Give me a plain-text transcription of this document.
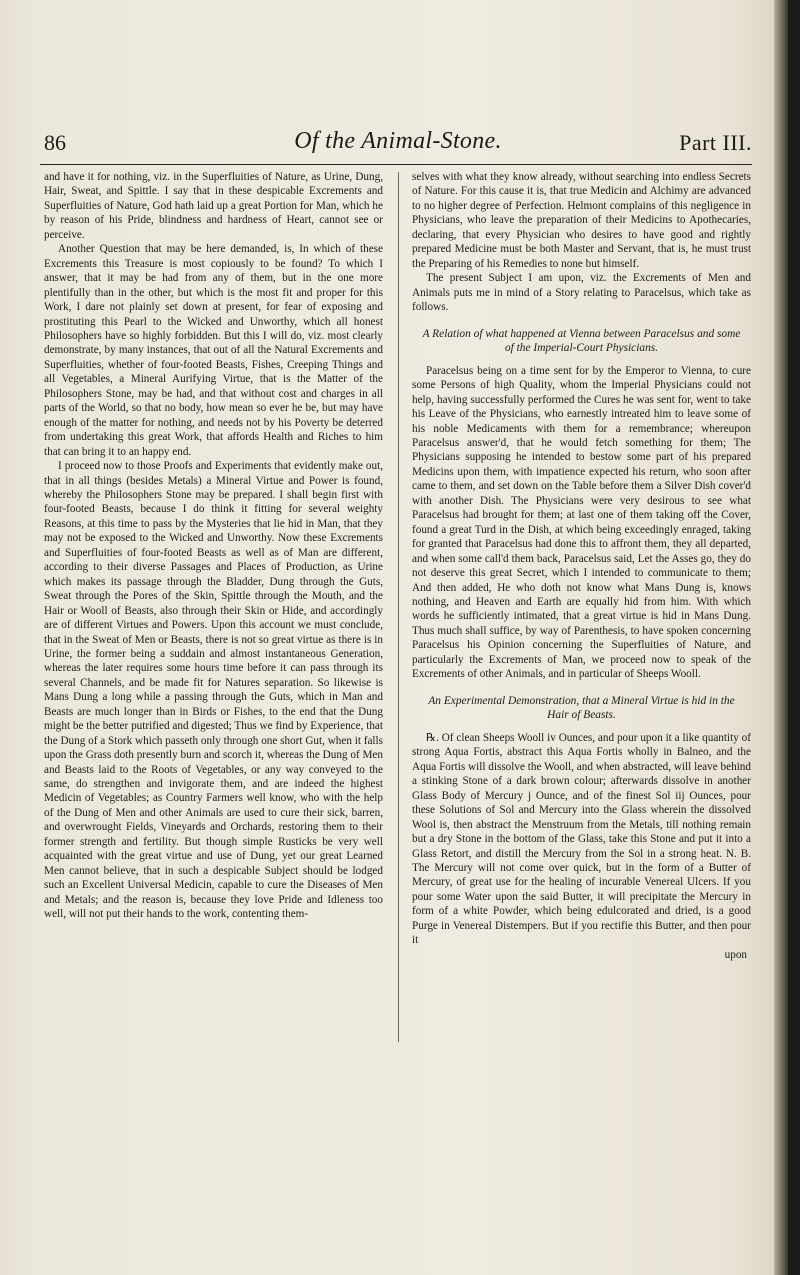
86	Of the Animal-Stone.	Part III.

and have it for nothing, viz. in the Superfluities of Nature, as Urine, Dung, Hair, Sweat, and Spittle. I say that in these despicable Excrements and Superfluities of Nature, God hath laid up a great Portion for Man, which he by reason of his Pride, blindness and hardness of Heart, cannot see or perceive.

Another Question that may be here demanded, is, In which of these Excrements this Treasure is most copiously to be found? To which I answer, that it may be had from any of them, but in the one more plentifully than in the other, but which is the most fit and proper for this Work, I dare not plainly set down at present, for fear of exposing and prostituting this Pearl to the Wicked and Unworthy, which all honest Philosophers have so highly forbidden. But this I will do, viz. most clearly demonstrate, by many instances, that out of all the Natural Excrements and Superfluities, whether of four-footed Beasts, Fishes, Creeping Things and all Vegetables, a Mineral Aurifying Virtue, that is the Matter of the Philosophers Stone, may be had, and that without cost and charges in all parts of the World, so that no body, how mean so ever he be, but may have enough of the matter for nothing, and needs not by his Poverty be deterred from undertaking this great Work, that affords Health and Riches to him that can bring it to an happy end.

I proceed now to those Proofs and Experiments that evidently make out, that in all things (besides Metals) a Mineral Virtue and Power is found, whereby the Philosophers Stone may be prepared. I shall begin first with four-footed Beasts, because I do think it fitting for several weighty Reasons, at this time to pass by the Mysteries that lie hid in Man, that they may not be exposed to the Wicked and Unworthy. Now these Excrements and Superfluities of four-footed Beasts as well as of Man are different, according to their diverse Passages and Places of Production, as Urine which makes its passage through the Bladder, Dung through the Guts, Sweat through the Pores of the Skin, Spittle through the Mouth, and the Hair or Wooll of Beasts, also through their Skin or Hide, and accordingly are of different Virtues and Powers. Upon this account we must conclude, that in the Sweat of Men or Beasts, there is not so great virtue as there is in Urine, the former being a suddain and almost instantaneous Generation, whereas the later requires some hours time before it can pass through its several Channels, and be made fit for Natures separation. So likewise is Mans Dung a long while a passing through the Guts, which in Man and Beasts are much longer than in Birds or Fishes, to the end that the Dung might be the better putrified and digested; Thus we find by Experience, that the Dung of a Stork which passeth only through one short Gut, when it falls upon the Grass doth presently burn and scorch it, whereas the Dung of Men and Beasts laid to the Roots of Vegetables, or any way conveyed to the same, do strengthen and invigorate them, and are indeed the highest Medicin of Vegetables; as Country Farmers well know, who with the help of the Dung of Men and other Animals are used to cure their sick, barren, and overwrought Fields, Vineyards and Orchards, restoring them to their former strength and fertility. But though simple Rusticks be very well acquainted with the great virtue and use of Dung, yet our great Learned Men cannot believe, that in such a despicable Subject should be lodged such an Excellent Universal Medicin, capable to cure the Diseases of Men and Metals; and the reason is, because they love Pride and Idleness too well, will not put their hands to the work, contenting them-

selves with what they know already, without searching into endless Secrets of Nature. For this cause it is, that true Medicin and Alchimy are advanced to no higher degree of Perfection. Helmont complains of this negligence in Physicians, who leave the preparation of their Medicins to Apothecaries, declaring, that every Physician who desires to have good and rightly prepared Medicine must be both Master and Servant, that is, he must trust the Preparing of his Remedies to none but himself.

The present Subject I am upon, viz. the Excrements of Men and Animals puts me in mind of a Story relating to Paracelsus, which take as follows.

A Relation of what happened at Vienna between Paracelsus and some of the Imperial-Court Physicians.

Paracelsus being on a time sent for by the Emperor to Vienna, to cure some Persons of high Quality, whom the Imperial Physicians could not help, having successfully performed the Cures he was sent for, went to take his Leave of the Physicians, who earnestly intreated him to leave some of his noble Medicaments with them for a remembrance; whereupon Paracelsus answer'd, that he would fetch something for them; The Physicians supposing he intended to bestow some part of his prepared Medicins upon them, with impatience expected his return, who soon after came to them, and set down on the Table before them a Silver Dish cover'd with another Dish. The Physicians were very desirous to see what Paracelsus had brought for them; at last one of them taking off the Cover, found a great Turd in the Dish, at which being exceedingly enraged, taking for granted that Paracelsus had done this to affront them, they all departed, and when some call'd them back, Paracelsus said, Let the Asses go, they do not deserve this great Secret, which I intended to communicate to them; And then added, He who doth not know what Mans Dung is, knows nothing, and Heaven and Earth are equally hid from him. With which words he sufficiently intimated, that a great virtue is hid in Mans Dung. Thus much shall suffice, by way of Parenthesis, to have spoken concerning Paracelsus his Opinion concerning the Superfluities of Nature, and particularly the Excrements of Man, we proceed now to speak of the Excrements of other Animals, and in particular of Sheeps Wooll.

An Experimental Demonstration, that a Mineral Virtue is hid in the Hair of Beasts.

℞. Of clean Sheeps Wooll iv Ounces, and pour upon it a like quantity of strong Aqua Fortis, abstract this Aqua Fortis wholly in Balneo, and the Aqua Fortis will dissolve the Wooll, and when abstracted, will leave behind a stinking Stone of a dark brown colour; afterwards dissolve in another Glass Body of Mercury j Ounce, and of the finest Sol iij Ounces, pour these Solutions of Sol and Mercury into the Glass wherein the dissolved Wool is, then abstract the Menstruum from the Metals, till nothing remain but a dry Stone in the bottom of the Glass, take this Stone and put it into a Glass Retort, and distill the Mercury from the Sol in a strong heat. N. B. The Mercury will not come over quick, but in the form of a Butter of Mercury, of great use for the healing of incurable Venereal Ulcers. If you pour some Water upon the said Butter, it will precipitate the Mercury in form of a white Powder, which being edulcorated and dried, is a good Purge in Venereal Distempers. But if you rectifie this Butter, and then pour it

upon
